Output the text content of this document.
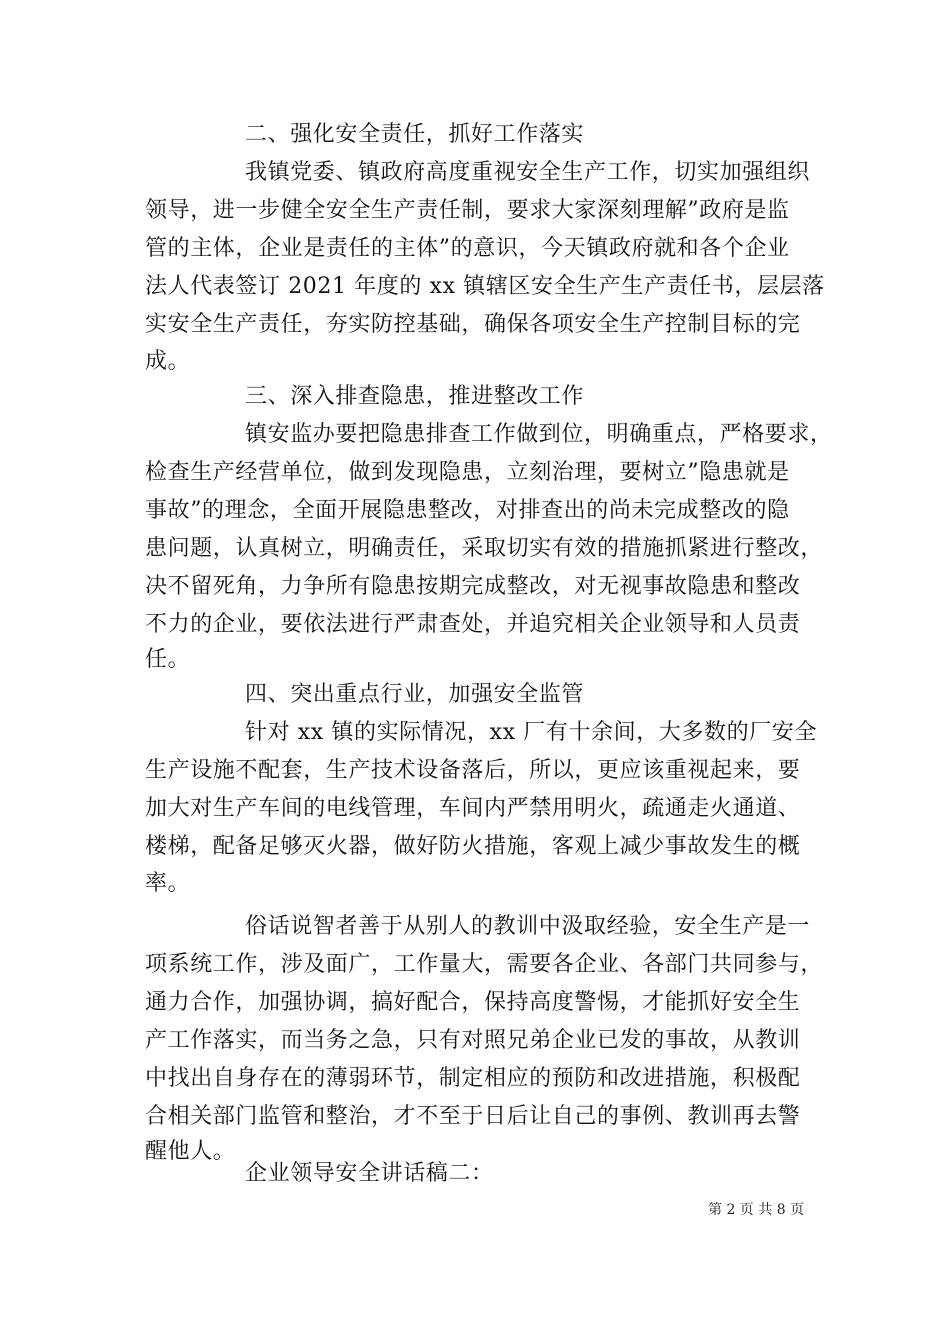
二、强化安全责任，抓好工作落实
我镇党委、镇政府高度重视安全生产工作，切实加强组织
领导，进一步健全安全生产责任制，要求大家深刻理解”政府是监
管的主体，企业是责任的主体”的意识，今天镇政府就和各个企业
法人代表签订 2021 年度的 xx 镇辖区安全生产生产责任书，层层落
实安全生产责任，夯实防控基础，确保各项安全生产控制目标的完
成。
三、深入排查隐患，推进整改工作
镇安监办要把隐患排查工作做到位，明确重点，严格要求，
检查生产经营单位，做到发现隐患，立刻治理，要树立”隐患就是
事故”的理念，全面开展隐患整改，对排查出的尚未完成整改的隐
患问题，认真树立，明确责任，采取切实有效的措施抓紧进行整改，
决不留死角，力争所有隐患按期完成整改，对无视事故隐患和整改
不力的企业，要依法进行严肃查处，并追究相关企业领导和人员责
任。
四、突出重点行业，加强安全监管
针对 xx 镇的实际情况，xx 厂有十余间，大多数的厂安全
生产设施不配套，生产技术设备落后，所以，更应该重视起来，要
加大对生产车间的电线管理，车间内严禁用明火，疏通走火通道、
楼梯，配备足够灭火器，做好防火措施，客观上减少事故发生的概
率。
俗话说智者善于从别人的教训中汲取经验，安全生产是一
项系统工作，涉及面广，工作量大，需要各企业、各部门共同参与，
通力合作，加强协调，搞好配合，保持高度警惕，才能抓好安全生
产工作落实，而当务之急，只有对照兄弟企业已发的事故，从教训
中找出自身存在的薄弱环节，制定相应的预防和改进措施，积极配
合相关部门监管和整治，才不至于日后让自己的事例、教训再去警
醒他人。
企业领导安全讲话稿二：
第 2 页 共 8 页
